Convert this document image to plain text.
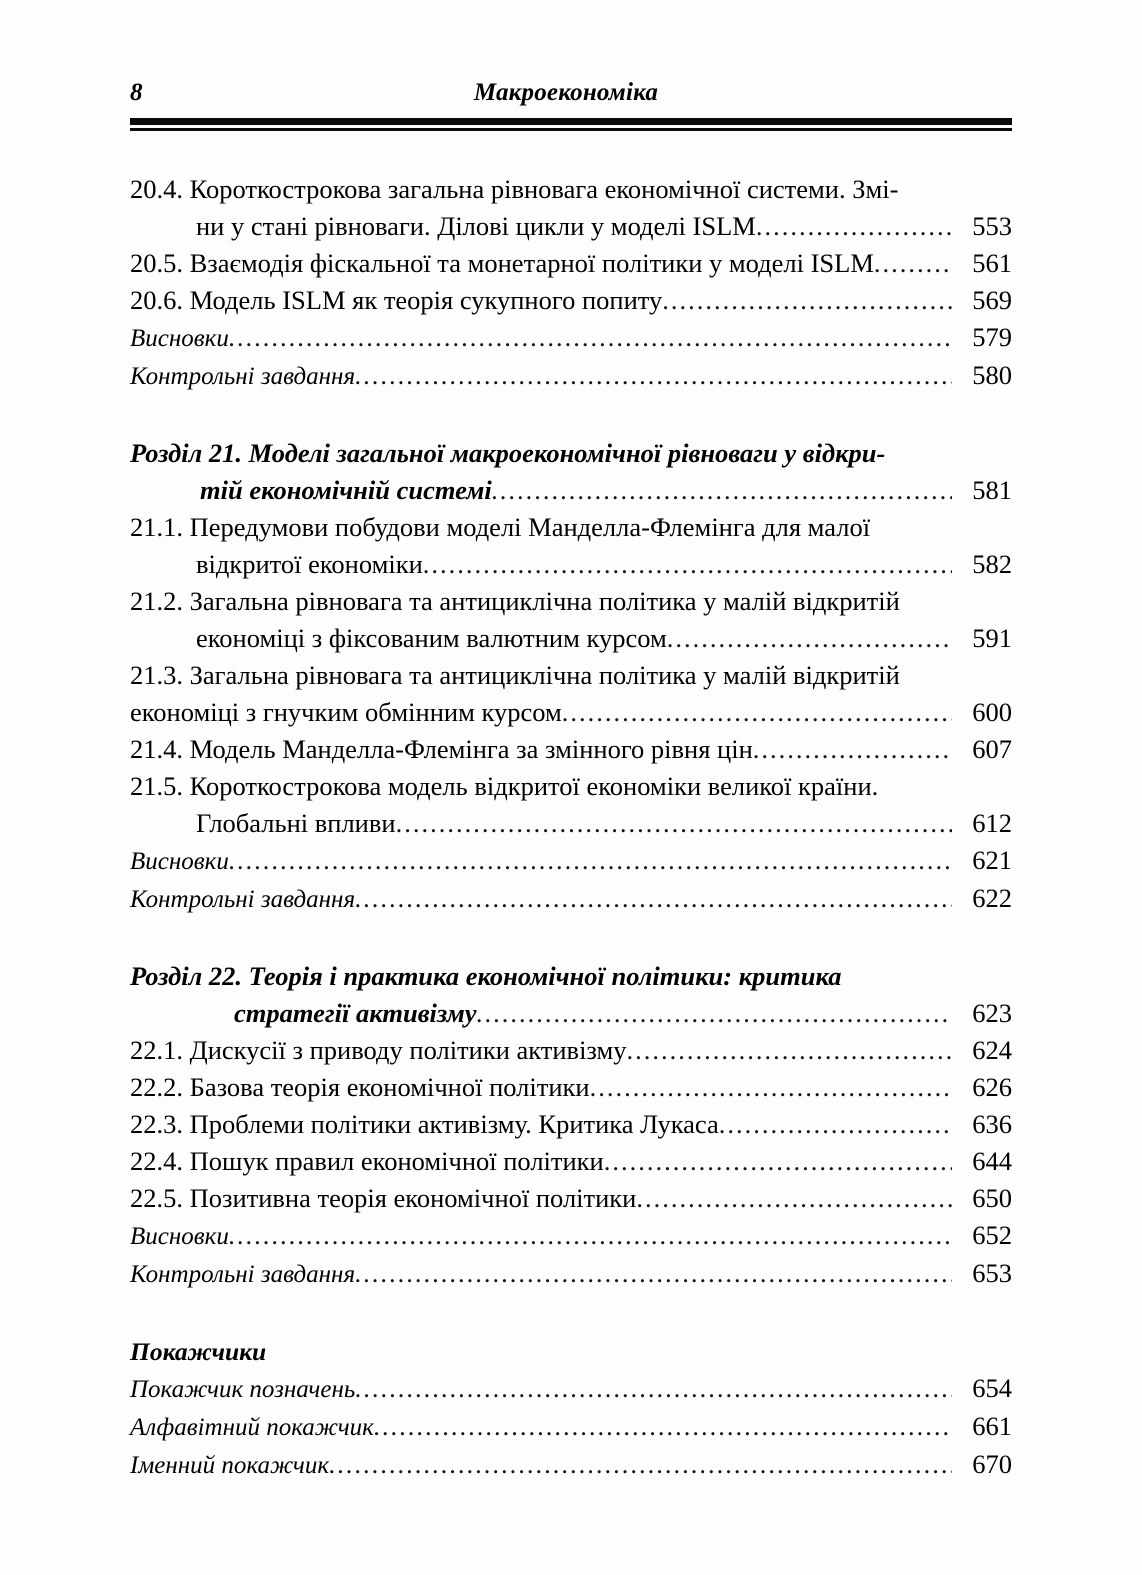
8	Макроекономіка
20.4. Короткострокова загальна рівновага економічної системи. Змі-
ни у стані рівноваги. Ділові цикли у моделі ISLM .....	553
20.5. Взаємодія фіскальної та монетарної політики у моделі ISLM .....	561
20.6. Модель ISLM як теорія сукупного попиту .....	569
Висновки .....	579
Контрольні завдання .....	580
Розділ 21. Моделі загальної макроекономічної рівноваги у відкри-
тій економічній системі .....	581
21.1. Передумови побудови моделі Манделла-Флемінга для малої
відкритої економіки .....	582
21.2. Загальна рівновага та антициклічна політика у малій відкритій
економіці з фіксованим валютним курсом .....	591
21.3. Загальна рівновага та антициклічна політика у малій відкритій
економіці з гнучким обмінним курсом .....	600
21.4. Модель Манделла-Флемінга за змінного рівня цін .....	607
21.5. Короткострокова модель відкритої економіки великої країни.
Глобальні впливи .....	612
Висновки .....	621
Контрольні завдання .....	622
Розділ 22. Теорія і практика економічної політики: критика
стратегії активізму .....	623
22.1. Дискусії з приводу політики активізму .....	624
22.2. Базова теорія економічної політики .....	626
22.3. Проблеми політики активізму. Критика Лукаса .....	636
22.4. Пошук правил економічної політики .....	644
22.5. Позитивна теорія економічної політики .....	650
Висновки .....	652
Контрольні завдання .....	653
Покажчики
Покажчик позначень .....	654
Алфавітний покажчик .....	661
Іменний покажчик .....	670
